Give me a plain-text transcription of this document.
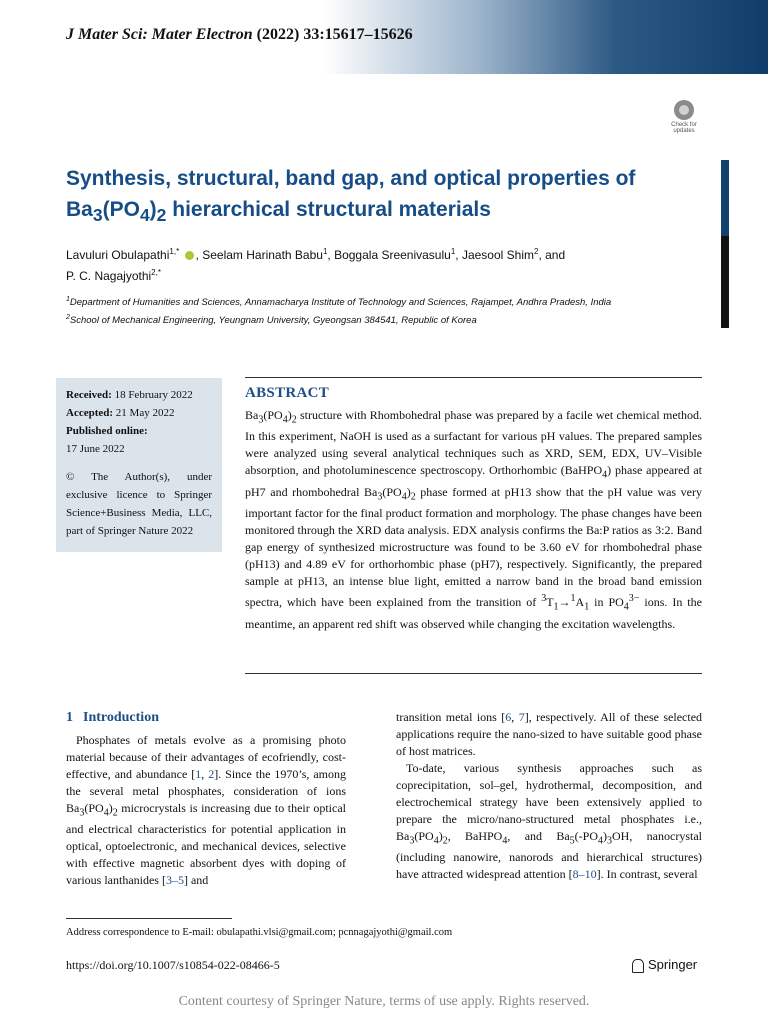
J Mater Sci: Mater Electron (2022) 33:15617–15626
Check for
updates
Synthesis, structural, band gap, and optical properties of $Ba_3(PO_4)_2$ hierarchical structural materials
Lavuluri Obulapathi$^{1,*}$ , Seelam Harinath Babu$^1$, Boggala Sreenivasulu$^1$, Jaesool Shim$^2$, and
P. C. Nagajyothi$^{2,*}$
$^1$Department of Humanities and Sciences, Annamacharya Institute of Technology and Sciences, Rajampet, Andhra Pradesh, India
$^2$School of Mechanical Engineering, Yeungnam University, Gyeongsan 384541, Republic of Korea
Received: 18 February 2022
Accepted: 21 May 2022
Published online:
17 June 2022
© The Author(s), under exclusive licence to Springer Science+Business Media, LLC, part of Springer Nature 2022
ABSTRACT
$Ba_3(PO_4)_2$ structure with Rhombohedral phase was prepared by a facile wet chemical method. In this experiment, NaOH is used as a surfactant for various pH values. The prepared samples were analyzed using several analytical techniques such as XRD, SEM, EDX, UV–Visible absorption, and photoluminescence spectroscopy. Orthorhombic (BaHPO$_4$) phase appeared at pH7 and rhombohedral $Ba_3(PO_4)_2$ phase formed at pH13 show that the pH value was very important factor for the final product formation and morphology. The phase changes have been monitored through the XRD data analysis. EDX analysis confirms the Ba:P ratios as 3:2. Band gap energy of synthesized microstructure was found to be 3.60 eV for rhombohedral phase (pH13) and 4.89 eV for orthorhombic phase (pH7), respectively. Significantly, the prepared sample at pH13, an intense blue light, emitted a narrow band in the broad band emission spectra, which have been explained from the transition of $^3T_1\to^1A_1$ in $PO_4^{3-}$ ions. In the meantime, an apparent red shift was observed while changing the excitation wavelengths.
1 Introduction

Phosphates of metals evolve as a promising photo material because of their advantages of ecofriendly, cost-effective, and abundance [1, 2]. Since the 1970’s, among the several metal phosphates, consideration of ions $Ba_3(PO_4)_2$ microcrystals is increasing due to their optical and electrical characteristics for potential application in optical, optoelectronic, and mechanical devices, selective with effective magnetic absorbent dyes with doping of various lanthanides [3–5] and

transition metal ions [6, 7], respectively. All of these selected applications require the nano-sized to have suitable good phase of host matrices.

To-date, various synthesis approaches such as coprecipitation, sol–gel, hydrothermal, decomposition, and electrochemical strategy have been extensively applied to prepare the micro/nano-structured metal phosphates i.e., $Ba_3(PO_4)_2$, BaHPO$_4$, and $Ba_5(-PO_4)_3OH$, nanocrystal (including nanowire, nanorods and hierarchical structures) have attracted widespread attention [8–10]. In contrast, several

Address correspondence to E-mail: obulapathi.vlsi@gmail.com; pcnnagajyothi@gmail.com
https://doi.org/10.1007/s10854-022-08466-5	Springer
Content courtesy of Springer Nature, terms of use apply. Rights reserved.
